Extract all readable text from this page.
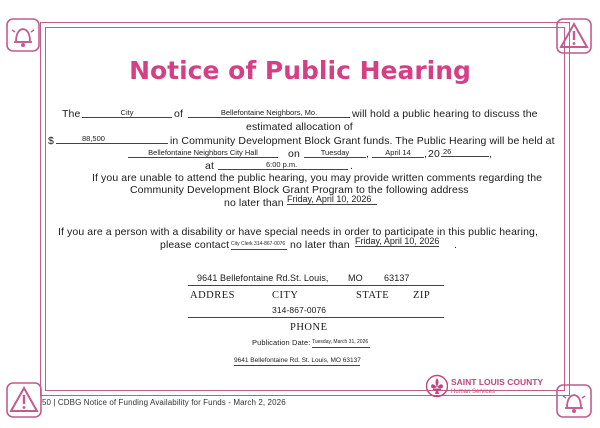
Notice of Public Hearing
The	City	of	Bellefontaine Neighbors, Mo.	will hold a public hearing to discuss the
estimated allocation of
$	88,500	in Community Development Block Grant funds. The Public Hearing will be held at
Bellefontaine Neighbors City Hall	on	Tuesday	,	April 14	, 20 26	,
at	6:00 p.m.	.
If you are unable to attend the public hearing, you may provide written comments regarding the
Community Development Block Grant Program to the following address
no later than Friday, April 10, 2026
If you are a person with a disability or have special needs in order to participate in this public hearing,
please contact City Clerk 314-867-0076 no later than Friday, April 10, 2026 .
9641 Bellefontaine Rd. St. Louis, MO 63137
ADDRES	CITY	STATE ZIP
314-867-0076
PHONE
Publication Date: Tuesday, March 31, 2026
9641 Bellefontaine Rd. St. Louis, MO 63137
SAINT LOUIS COUNTY
Human Services
50 | CDBG Notice of Funding Availability for Funds - March 2, 2026
